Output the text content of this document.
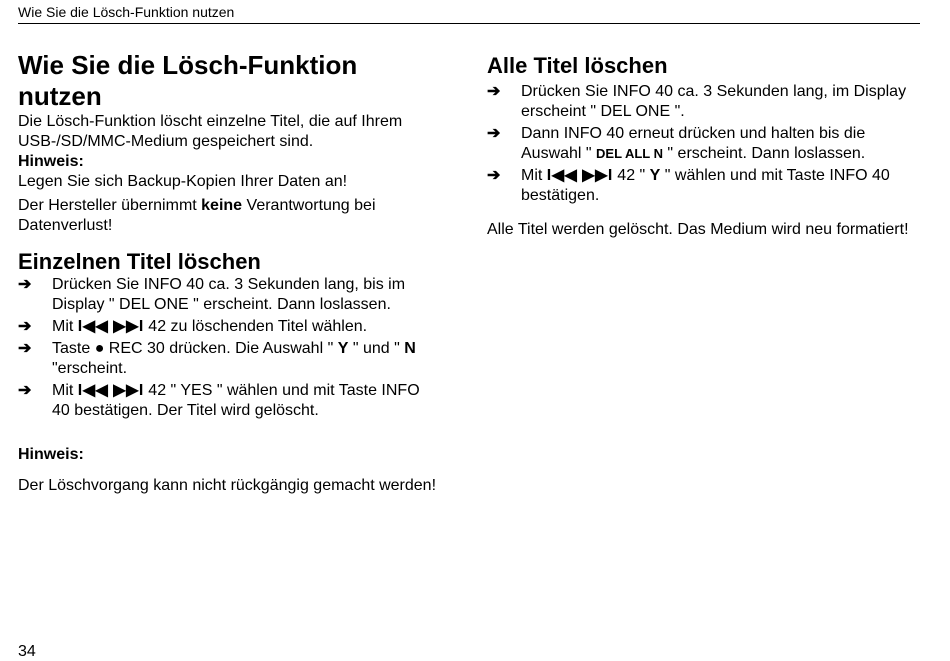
Wie Sie die Lösch-Funktion nutzen
Wie Sie die Lösch-Funktion nutzen

Die Lösch-Funktion löscht einzelne Titel, die auf Ihrem USB-/SD/MMC-Medium gespeichert sind.

Hinweis:

Legen Sie sich Backup-Kopien Ihrer Daten an!

Der Hersteller übernimmt keine Verantwortung bei Datenverlust!

Einzelnen Titel löschen
➔ Drücken Sie INFO 40 ca. 3 Sekunden lang, bis im Display " DEL ONE " erscheint. Dann loslassen.
➔ Mit I◀◀ ▶▶I 42 zu löschenden Titel wählen.
➔ Taste ● REC 30 drücken. Die Auswahl " Y " und " N "erscheint.
➔ Mit I◀◀ ▶▶I 42 " YES " wählen und mit Taste INFO 40 bestätigen. Der Titel wird gelöscht.

Hinweis:

Der Löschvorgang kann nicht rückgängig gemacht werden!

Alle Titel löschen
➔ Drücken Sie INFO 40 ca. 3 Sekunden lang, im Display erscheint " DEL ONE ".
➔ Dann INFO 40 erneut drücken und halten bis die Auswahl " DEL ALL N " erscheint. Dann loslassen.
➔ Mit I◀◀ ▶▶I 42 " Y " wählen und mit Taste INFO 40 bestätigen.

Alle Titel werden gelöscht. Das Medium wird neu formatiert!

34
